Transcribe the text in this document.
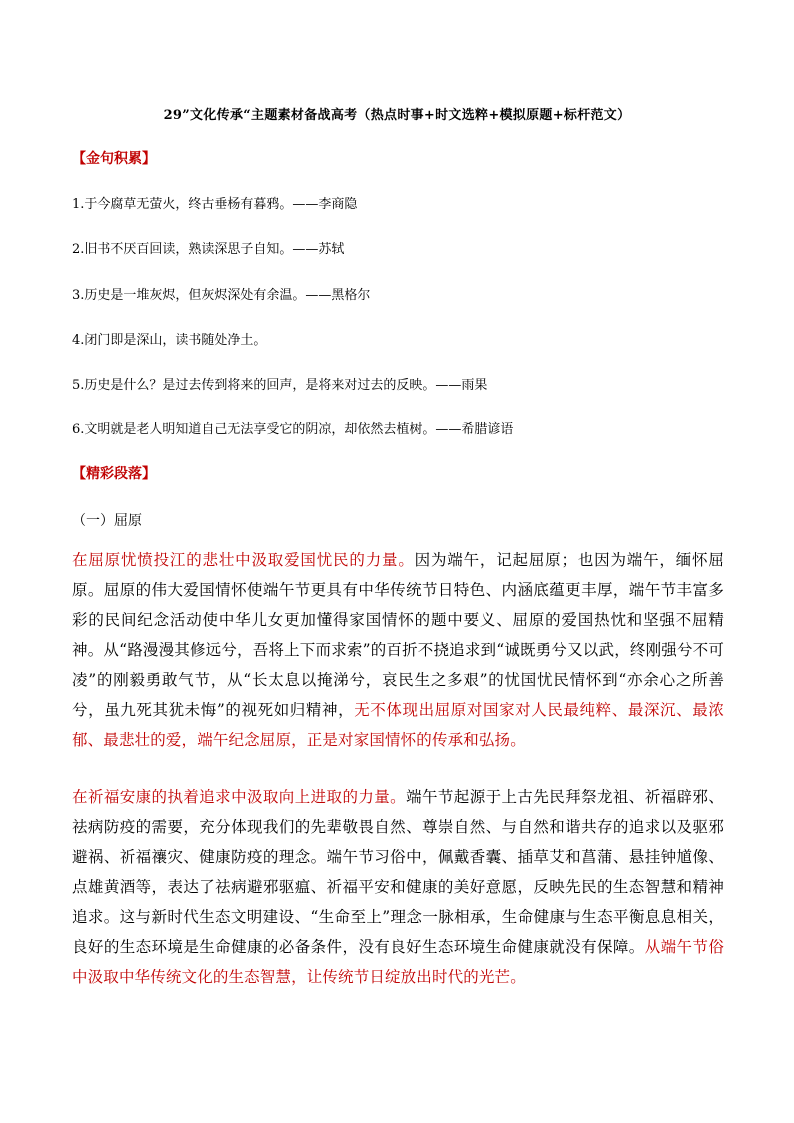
29”文化传承“主题素材备战高考（热点时事+时文选粹+模拟原题+标杆范文）
【金句积累】
1.于今腐草无萤火，终古垂杨有暮鸦。——李商隐
2.旧书不厌百回读，熟读深思子自知。——苏轼
3.历史是一堆灰烬，但灰烬深处有余温。——黑格尔
4.闭门即是深山，读书随处净土。
5.历史是什么？是过去传到将来的回声，是将来对过去的反映。——雨果
6.文明就是老人明知道自己无法享受它的阴凉，却依然去植树。——希腊谚语
【精彩段落】
（一）屈原

在屈原忧愤投江的悲壮中汲取爱国忧民的力量。因为端午，记起屈原；也因为端午，缅怀屈原。屈原的伟大爱国情怀使端午节更具有中华传统节日特色、内涵底蕴更丰厚，端午节丰富多彩的民间纪念活动使中华儿女更加懂得家国情怀的题中要义、屈原的爱国热忱和坚强不屈精神。从“路漫漫其修远兮，吾将上下而求索”的百折不挠追求到“诚既勇兮又以武，终刚强兮不可凌”的刚毅勇敢气节，从“长太息以掩涕兮，哀民生之多艰”的忧国忧民情怀到“亦余心之所善兮，虽九死其犹未悔”的视死如归精神，无不体现出屈原对国家对人民最纯粹、最深沉、最浓郁、最悲壮的爱，端午纪念屈原，正是对家国情怀的传承和弘扬。

在祈福安康的执着追求中汲取向上进取的力量。端午节起源于上古先民拜祭龙祖、祈福辟邪、祛病防疫的需要，充分体现我们的先辈敬畏自然、尊崇自然、与自然和谐共存的追求以及驱邪避祸、祈福禳灾、健康防疫的理念。端午节习俗中，佩戴香囊、插草艾和菖蒲、悬挂钟馗像、点雄黄酒等，表达了祛病避邪驱瘟、祈福平安和健康的美好意愿，反映先民的生态智慧和精神追求。这与新时代生态文明建设、“生命至上”理念一脉相承，生命健康与生态平衡息息相关，良好的生态环境是生命健康的必备条件，没有良好生态环境生命健康就没有保障。从端午节俗中汲取中华传统文化的生态智慧，让传统节日绽放出时代的光芒。
